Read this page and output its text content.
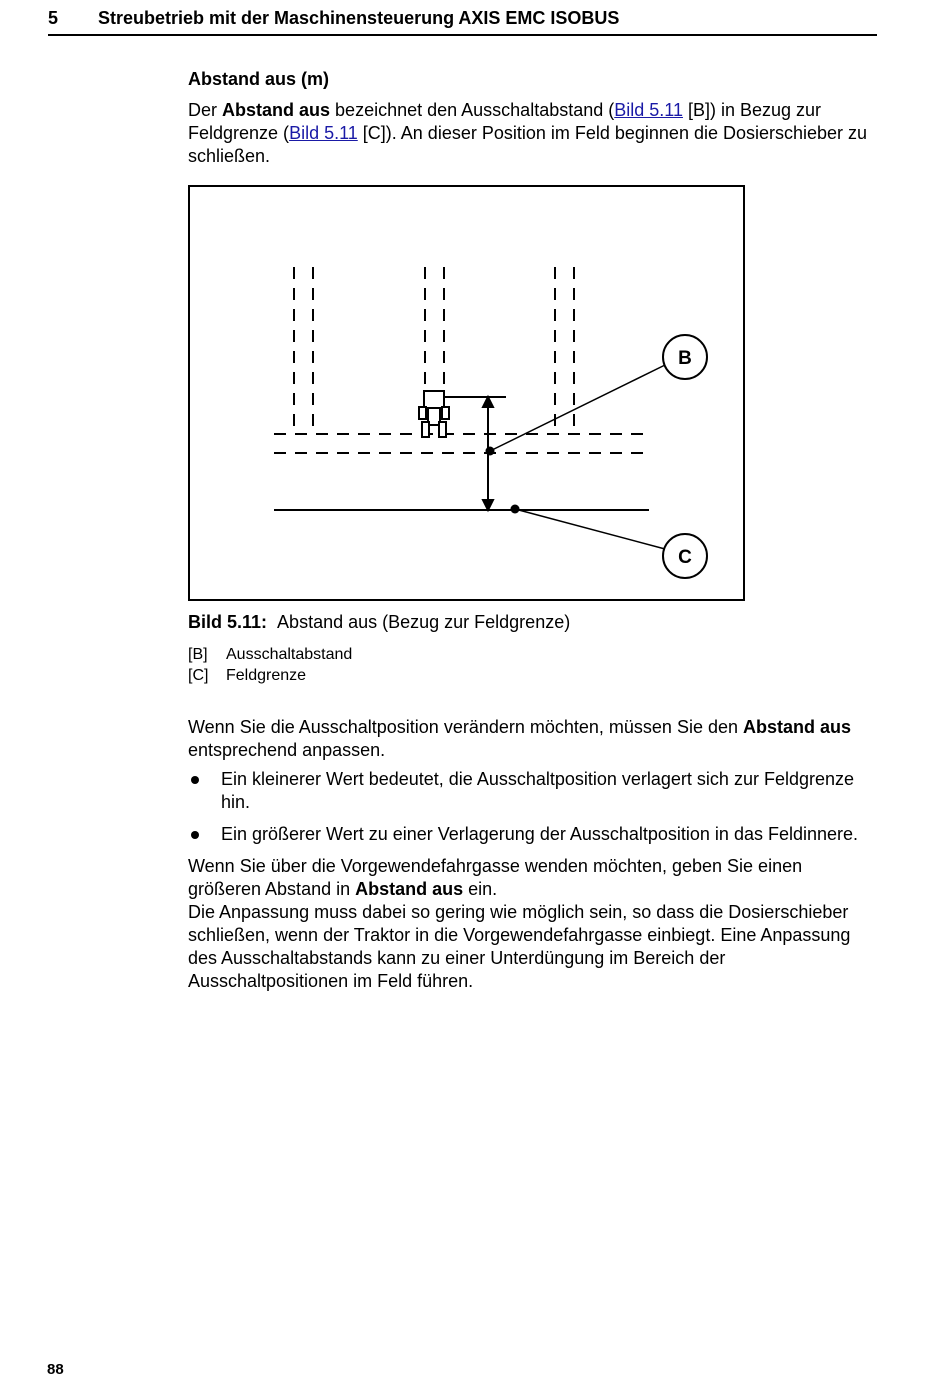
5 Streubetrieb mit der Maschinensteuerung AXIS EMC ISOBUS
Abstand aus (m)

Der Abstand aus bezeichnet den Ausschaltabstand (Bild 5.11 [B]) in Bezug zur Feldgrenze (Bild 5.11 [C]). An dieser Position im Feld beginnen die Dosierschieber zu schließen.

B
C
Bild 5.11: Abstand aus (Bezug zur Feldgrenze)
[B]	Ausschaltabstand
[C]	Feldgrenze

Wenn Sie die Ausschaltposition verändern möchten, müssen Sie den Abstand aus entsprechend anpassen.

Ein kleinerer Wert bedeutet, die Ausschaltposition verlagert sich zur Feldgrenze hin.
Ein größerer Wert zu einer Verlagerung der Ausschaltposition in das Feldinnere.

Wenn Sie über die Vorgewendefahrgasse wenden möchten, geben Sie einen größeren Abstand in Abstand aus ein.

Die Anpassung muss dabei so gering wie möglich sein, so dass die Dosierschieber schließen, wenn der Traktor in die Vorgewendefahrgasse einbiegt. Eine Anpassung des Ausschaltabstands kann zu einer Unterdüngung im Bereich der Ausschaltpositionen im Feld führen.

88
